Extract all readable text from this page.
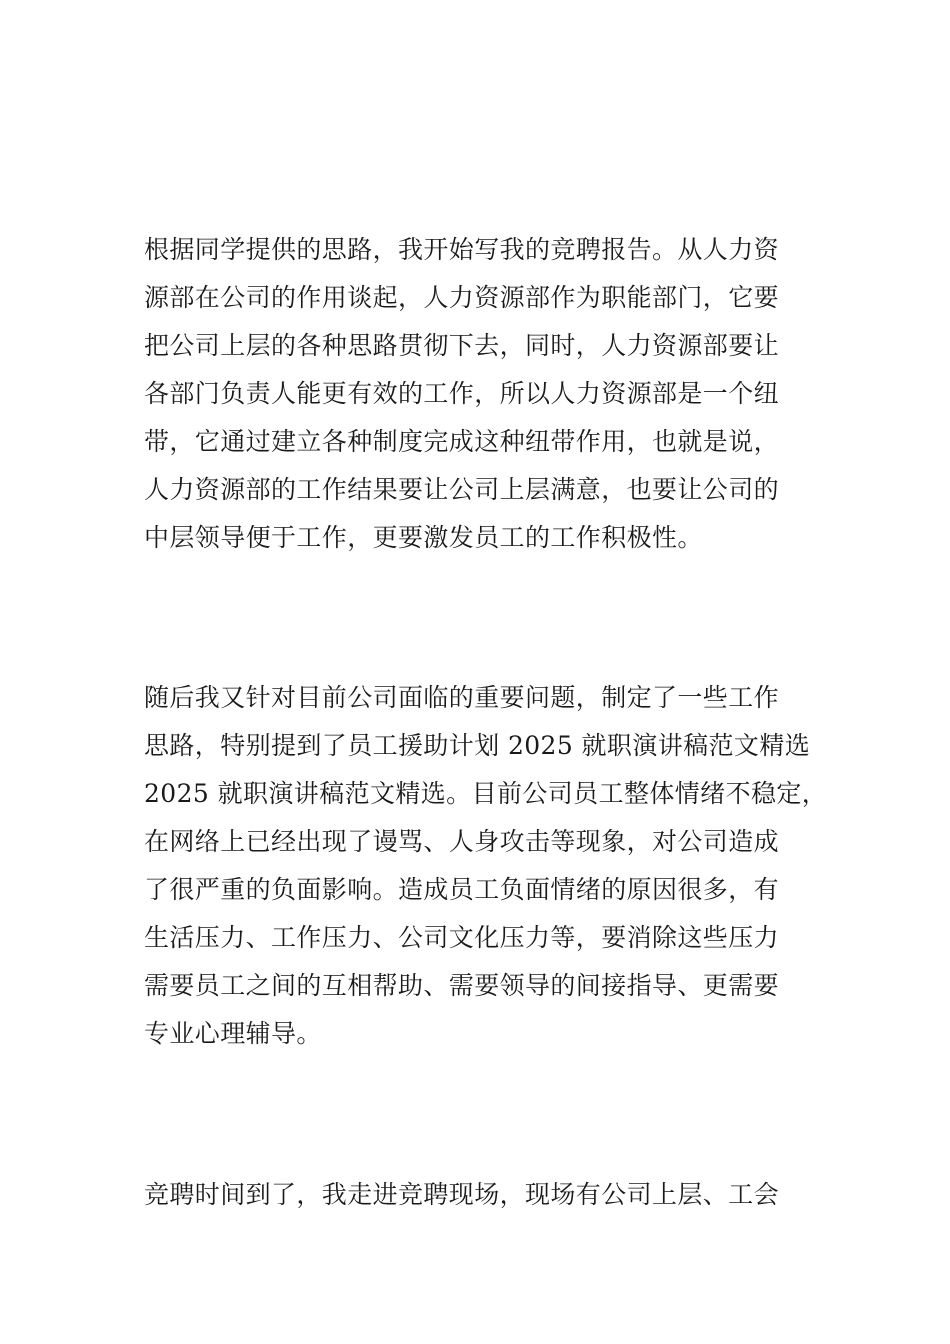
根据同学提供的思路，我开始写我的竞聘报告。从人力资
源部在公司的作用谈起，人力资源部作为职能部门，它要
把公司上层的各种思路贯彻下去，同时，人力资源部要让
各部门负责人能更有效的工作，所以人力资源部是一个纽
带，它通过建立各种制度完成这种纽带作用，也就是说，
人力资源部的工作结果要让公司上层满意，也要让公司的
中层领导便于工作，更要激发员工的工作积极性。

随后我又针对目前公司面临的重要问题，制定了一些工作
思路，特别提到了员工援助计划 2025 就职演讲稿范文精选
2025 就职演讲稿范文精选。目前公司员工整体情绪不稳定，
在网络上已经出现了谩骂、人身攻击等现象，对公司造成
了很严重的负面影响。造成员工负面情绪的原因很多，有
生活压力、工作压力、公司文化压力等，要消除这些压力
需要员工之间的互相帮助、需要领导的间接指导、更需要
专业心理辅导。

竞聘时间到了，我走进竞聘现场，现场有公司上层、工会
